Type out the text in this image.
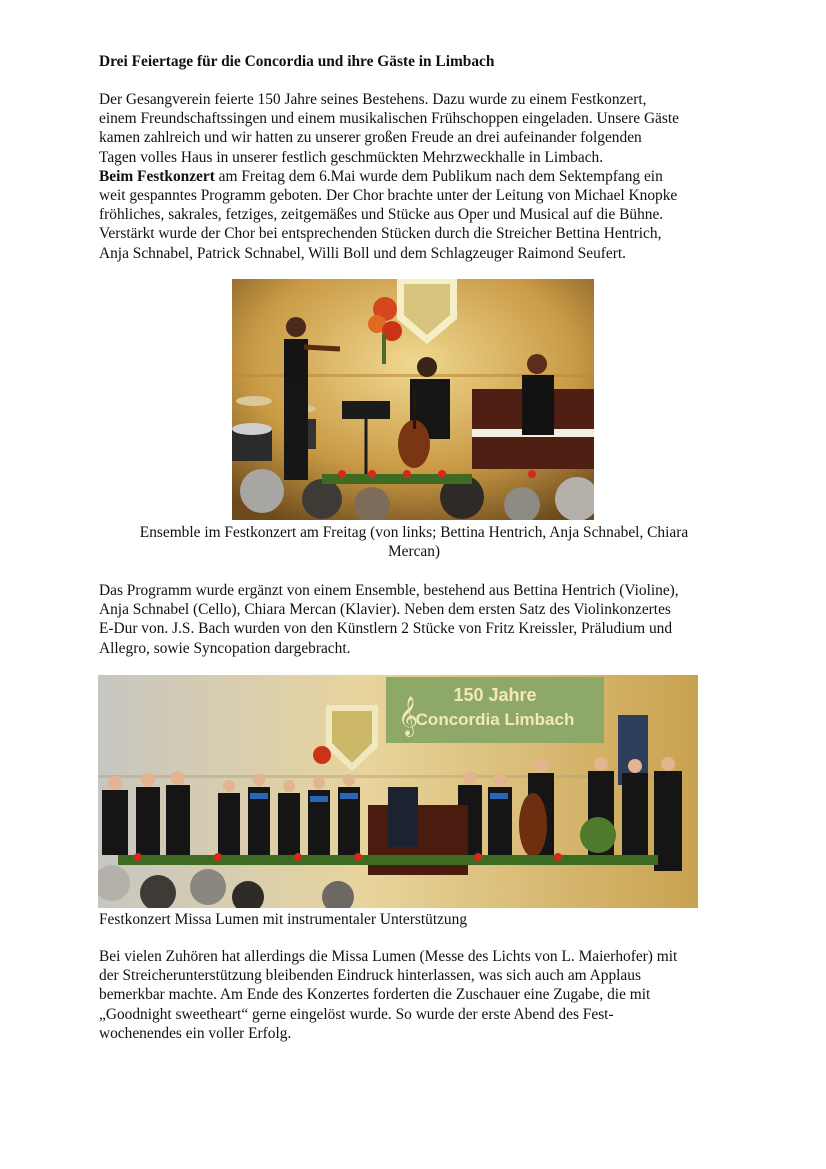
Drei Feiertage für die Concordia und ihre Gäste in Limbach
Der Gesangverein feierte 150 Jahre seines Bestehens. Dazu wurde zu einem Festkonzert,
einem Freundschaftssingen und einem musikalischen Frühschoppen eingeladen. Unsere Gäste
kamen zahlreich und wir hatten zu unserer großen Freude an drei aufeinander folgenden
Tagen volles Haus in unserer festlich geschmückten Mehrzweckhalle in Limbach.
Beim Festkonzert am Freitag dem 6.Mai wurde dem Publikum nach dem Sektempfang ein
weit gespanntes Programm geboten. Der Chor brachte unter der Leitung von Michael Knopke
fröhliches, sakrales, fetziges, zeitgemäßes und Stücke aus Oper und Musical auf die Bühne.
Verstärkt wurde der Chor bei entsprechenden Stücken durch die Streicher Bettina Hentrich,
Anja Schnabel, Patrick Schnabel, Willi Boll und dem Schlagzeuger Raimond Seufert.
Ensemble im Festkonzert am Freitag (von links; Bettina Hentrich, Anja Schnabel, Chiara
Mercan)
Das Programm wurde ergänzt von einem Ensemble, bestehend aus Bettina Hentrich (Violine),
Anja Schnabel (Cello), Chiara Mercan (Klavier). Neben dem ersten Satz des Violinkonzertes
E-Dur von. J.S. Bach wurden von den Künstlern 2 Stücke von Fritz Kreissler, Präludium und
Allegro, sowie Syncopation dargebracht.
150 Jahre
Concordia Limbach
𝄞
Festkonzert Missa Lumen mit instrumentaler Unterstützung
Bei vielen Zuhören hat allerdings die Missa Lumen (Messe des Lichts von L. Maierhofer) mit
der Streicherunterstützung bleibenden Eindruck hinterlassen, was sich auch am Applaus
bemerkbar machte. Am Ende des Konzertes forderten die Zuschauer eine Zugabe, die mit
„Goodnight sweetheart“ gerne eingelöst wurde. So wurde der erste Abend des Fest-
wochenendes ein voller Erfolg.
